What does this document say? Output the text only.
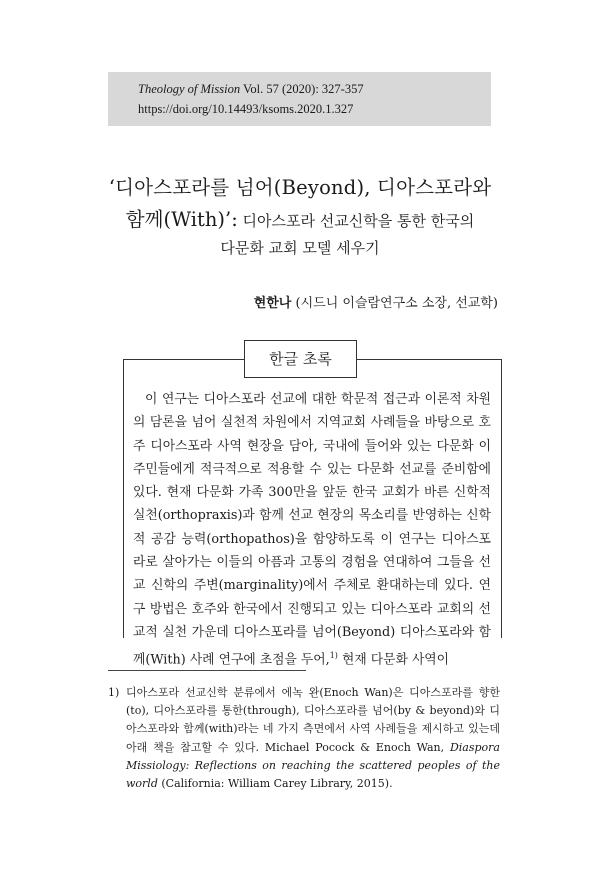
Theology of Mission Vol. 57 (2020): 327-357
https://doi.org/10.14493/ksoms.2020.1.327
‘디아스포라를 넘어(Beyond), 디아스포라와
함께(With)’: 디아스포라 선교신학을 통한 한국의
다문화 교회 모델 세우기
현한나 (시드니 이슬람연구소 소장, 선교학)
한글 초록

이 연구는 디아스포라 선교에 대한 학문적 접근과 이론적 차원의 담론을 넘어 실천적 차원에서 지역교회 사례들을 바탕으로 호주 디아스포라 사역 현장을 담아, 국내에 들어와 있는 다문화 이주민들에게 적극적으로 적용할 수 있는 다문화 선교를 준비함에 있다. 현재 다문화 가족 300만을 앞둔 한국 교회가 바른 신학적 실천(orthopraxis)과 함께 선교 현장의 목소리를 반영하는 신학적 공감 능력(orthopathos)을 함양하도록 이 연구는 디아스포라로 살아가는 이들의 아픔과 고통의 경험을 연대하여 그들을 선교 신학의 주변(marginality)에서 주체로 환대하는데 있다. 연구 방법은 호주와 한국에서 진행되고 있는 디아스포라 교회의 선교적 실천 가운데 디아스포라를 넘어(Beyond) 디아스포라와 함께(With) 사례 연구에 초점을 두어,$^{1)}$ 현재 다문화 사역이

1) 디아스포라 선교신학 분류에서 에녹 완(Enoch Wan)은 디아스포라를 향한(to), 디아스포라를 통한(through), 디아스포라를 넘어(by & beyond)와 디아스포라와 함께(with)라는 네 가지 측면에서 사역 사례들을 제시하고 있는데 아래 책을 참고할 수 있다. Michael Pocock & Enoch Wan, Diaspora Missiology: Reflections on reaching the scattered peoples of the world (California: William Carey Library, 2015).
